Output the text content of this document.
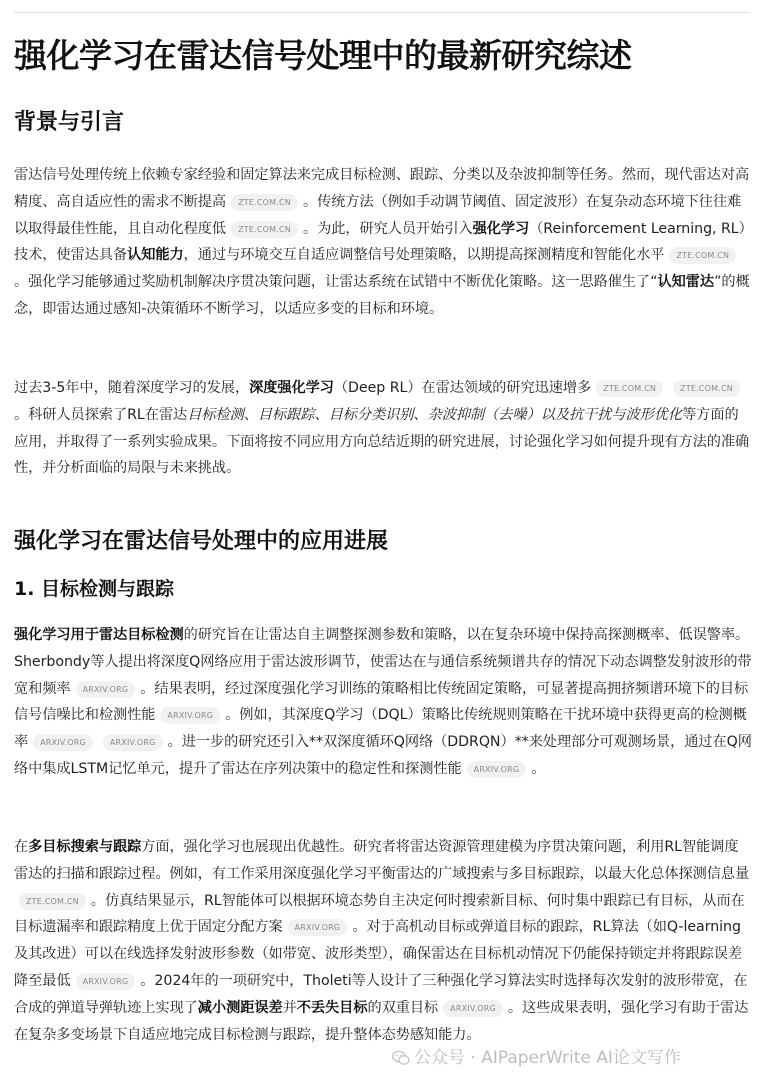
强化学习在雷达信号处理中的最新研究综述
背景与引言

雷达信号处理传统上依赖专家经验和固定算法来完成目标检测、跟踪、分类以及杂波抑制等任务。然而，现代雷达对高精度、高自适应性的需求不断提高 ZTE.COM.CN 。传统方法（例如手动调节阈值、固定波形）在复杂动态环境下往往难以取得最佳性能，且自动化程度低 ZTE.COM.CN 。为此，研究人员开始引入强化学习（Reinforcement Learning, RL）技术，使雷达具备认知能力，通过与环境交互自适应调整信号处理策略，以期提高探测精度和智能化水平 ZTE.COM.CN。强化学习能够通过奖励机制解决序贯决策问题，让雷达系统在试错中不断优化策略。这一思路催生了“认知雷达”的概念，即雷达通过感知-决策循环不断学习，以适应多变的目标和环境。

过去3-5年中，随着深度学习的发展，深度强化学习（Deep RL）在雷达领域的研究迅速增多 ZTE.COM.CN	ZTE.COM.CN。科研人员探索了RL在雷达目标检测、目标跟踪、目标分类识别、杂波抑制（去噪）以及抗干扰与波形优化等方面的应用，并取得了一系列实验成果。下面将按不同应用方向总结近期的研究进展，讨论强化学习如何提升现有方法的准确性，并分析面临的局限与未来挑战。

强化学习在雷达信号处理中的应用进展
1. 目标检测与跟踪

强化学习用于雷达目标检测的研究旨在让雷达自主调整探测参数和策略，以在复杂环境中保持高探测概率、低误警率。Sherbondy等人提出将深度Q网络应用于雷达波形调节，使雷达在与通信系统频谱共存的情况下动态调整发射波形的带宽和频率 ARXIV.ORG 。结果表明，经过深度强化学习训练的策略相比传统固定策略，可显著提高拥挤频谱环境下的目标信号信噪比和检测性能 ARXIV.ORG 。例如，其深度Q学习（DQL）策略比传统规则策略在干扰环境中获得更高的检测概率 ARXIV.ORG	ARXIV.ORG 。进一步的研究还引入**双深度循环Q网络（DDRQN）**来处理部分可观测场景，通过在Q网络中集成LSTM记忆单元，提升了雷达在序列决策中的稳定性和探测性能 ARXIV.ORG 。

在多目标搜索与跟踪方面，强化学习也展现出优越性。研究者将雷达资源管理建模为序贯决策问题，利用RL智能调度雷达的扫描和跟踪过程。例如，有工作采用深度强化学习平衡雷达的广域搜索与多目标跟踪，以最大化总体探测信息量ZTE.COM.CN 。仿真结果显示，RL智能体可以根据环境态势自主决定何时搜索新目标、何时集中跟踪已有目标，从而在目标遗漏率和跟踪精度上优于固定分配方案 ARXIV.ORG 。对于高机动目标或弹道目标的跟踪，RL算法（如Q-learning及其改进）可以在线选择发射波形参数（如带宽、波形类型），确保雷达在目标机动情况下仍能保持锁定并将跟踪误差降至最低 ARXIV.ORG 。2024年的一项研究中，Tholeti等人设计了三种强化学习算法实时选择每次发射的波形带宽，在合成的弹道导弹轨迹上实现了减小测距误差并不丢失目标的双重目标 ARXIV.ORG 。这些成果表明，强化学习有助于雷达在复杂多变场景下自适应地完成目标检测与跟踪，提升整体态势感知能力。

公众号 · AIPaperWrite AI论文写作
